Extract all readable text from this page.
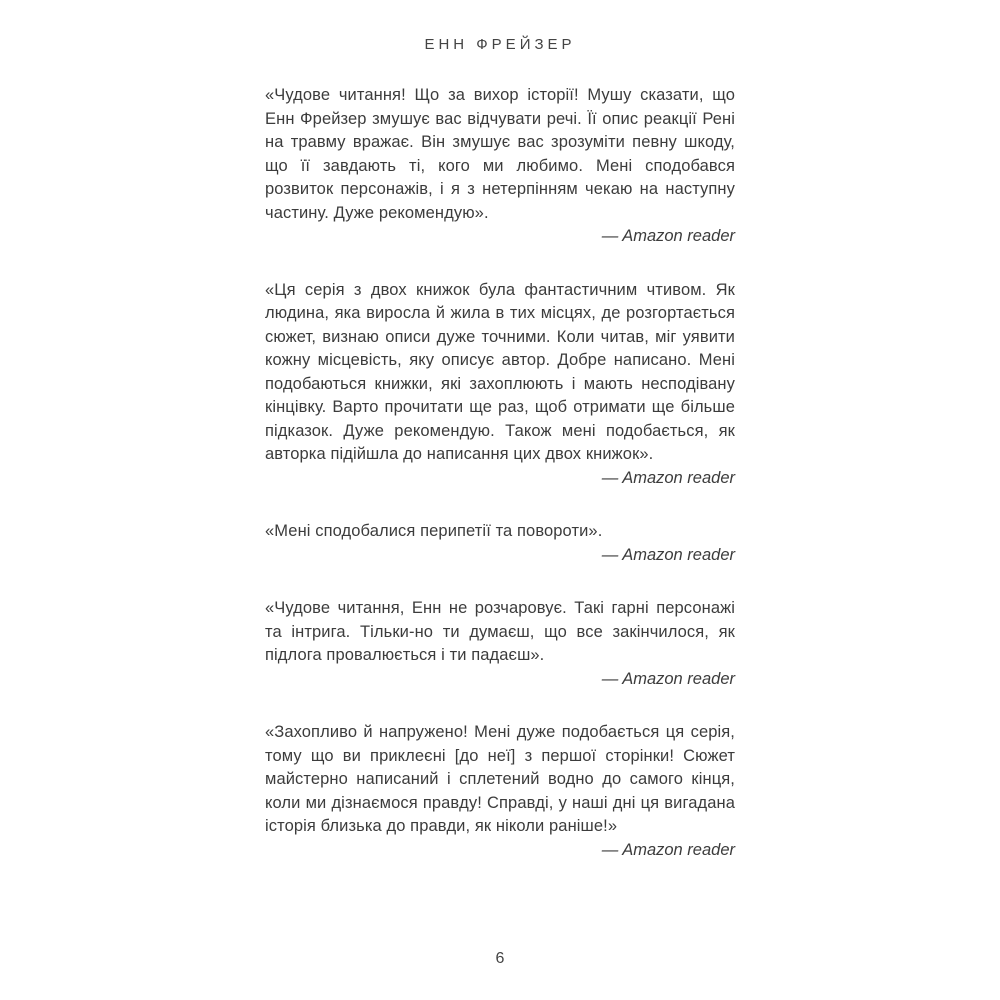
ЕНН ФРЕЙЗЕР

«Чудове читання! Що за вихор історії! Мушу сказати, що Енн Фрейзер змушує вас відчувати речі. Її опис реакції Рені на травму вражає. Він змушує вас зрозуміти певну шкоду, що її завдають ті, кого ми любимо. Мені сподобався розвиток персонажів, і я з нетерпінням чекаю на наступну частину. Дуже рекомендую».

— Amazon reader

«Ця серія з двох книжок була фантастичним чтивом. Як людина, яка виросла й жила в тих місцях, де розгортається сюжет, визнаю описи дуже точними. Коли читав, міг уявити кожну місцевість, яку описує автор. Добре написано. Мені подобаються книжки, які захоплюють і мають несподівану кінцівку. Варто прочитати ще раз, щоб отримати ще більше підказок. Дуже рекомендую. Також мені подобається, як авторка підійшла до написання цих двох книжок».

— Amazon reader

«Мені сподобалися перипетії та повороти».

— Amazon reader

«Чудове читання, Енн не розчаровує. Такі гарні персонажі та інтрига. Тільки-но ти думаєш, що все закінчилося, як підлога провалюється і ти падаєш».

— Amazon reader

«Захопливо й напружено! Мені дуже подобається ця серія, тому що ви приклеєні [до неї] з першої сторінки! Сюжет майстерно написаний і сплетений водно до самого кінця, коли ми дізнаємося правду! Справді, у наші дні ця вигадана історія близька до правди, як ніколи раніше!»

— Amazon reader

6
